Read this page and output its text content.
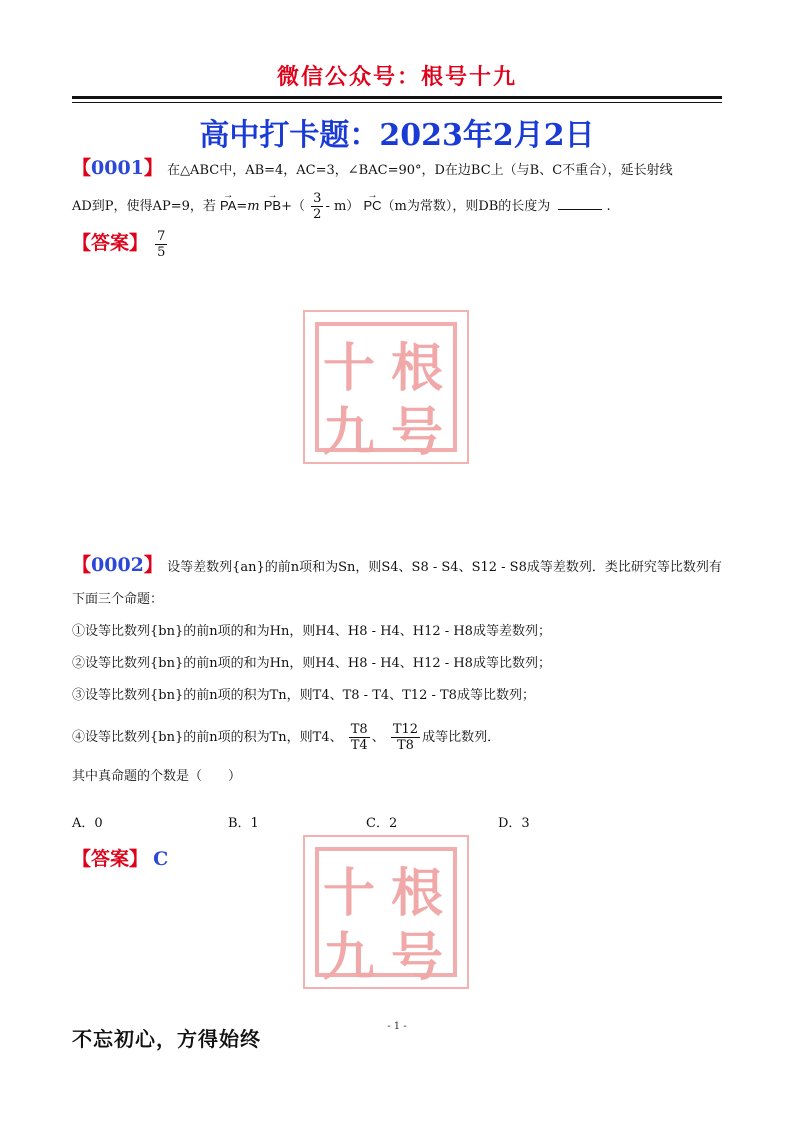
微信公众号：根号十九
高中打卡题：2023年2月2日
【0001】 在△ABC中，AB=4，AC=3，∠BAC=90°，D在边BC上（与B、C不重合），延长射线
AD到P，使得AP=9，若 → $PA=m \to PB+( \frac{3}{2} - m) \to PC(m$为常数），则DB的长度为	.
【答案】 $\frac{7}{5}$
十 根
九 号
【0002】 设等差数列{an}的前n项和为Sn，则S4、S8 - S4、S12 - S8成等差数列．类比研究等比数列有
下面三个命题：
①设等比数列{bn}的前n项的和为Hn，则H4、H8 - H4、H12 - H8成等差数列；
②设等比数列{bn}的前n项的和为Hn，则H4、H8 - H4、H12 - H8成等比数列；
③设等比数列{bn}的前n项的积为Tn，则T4、T8 - T4、T12 - T8成等比数列；
④设等比数列{bn}的前n项的积为Tn，则T4、 $\frac{T8}{T4}$ 、 $\frac{T12}{T8}$ 成等比数列．
其中真命题的个数是（　　）
A．0	B．1	C．2	D．3
【答案】 C
十 根
九 号
- 1 -
不忘初心，方得始终
